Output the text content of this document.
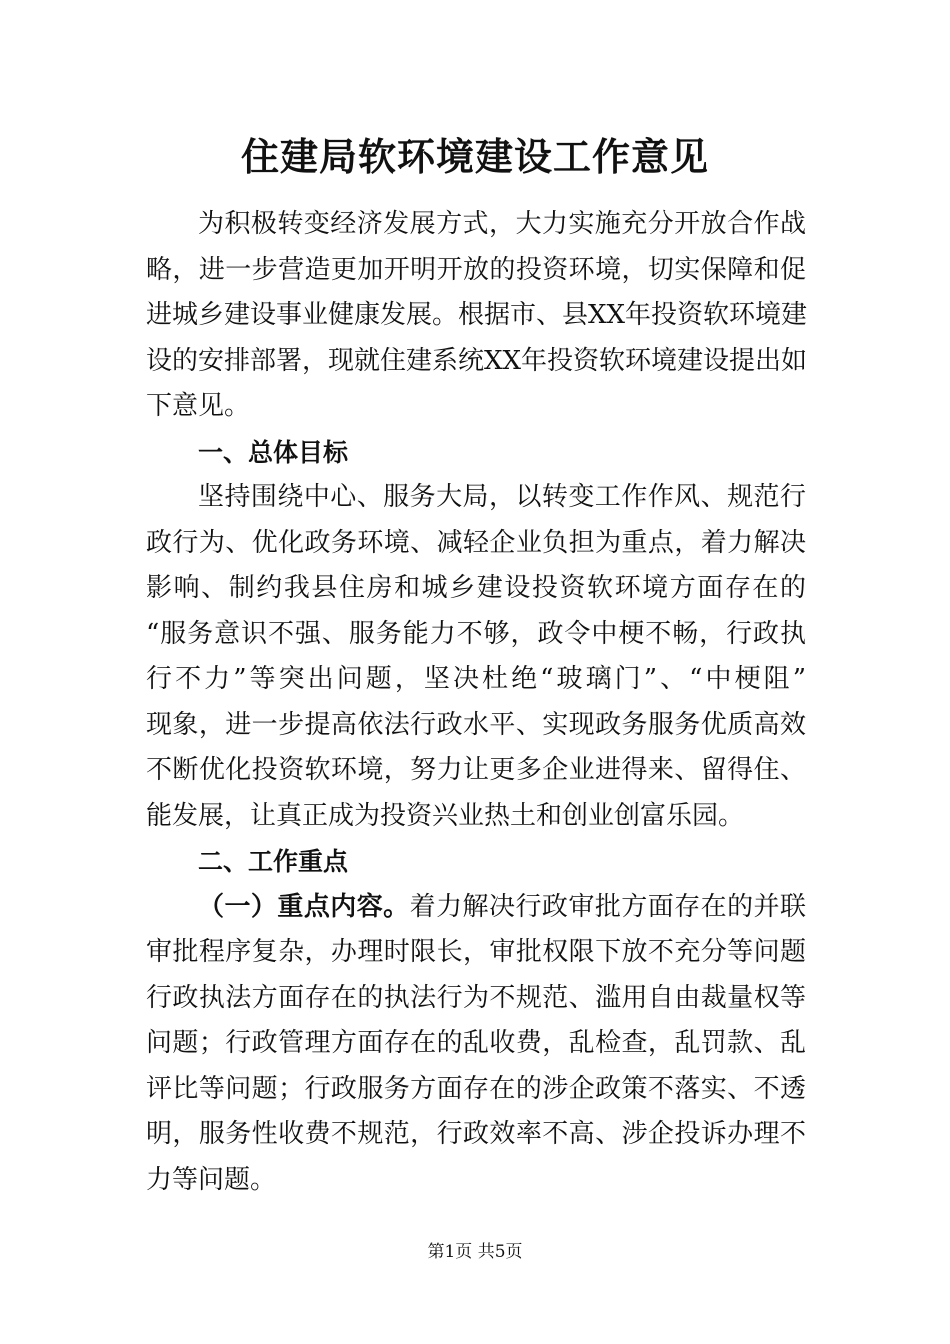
住建局软环境建设工作意见
为积极转变经济发展方式，大力实施充分开放合作战
略，进一步营造更加开明开放的投资环境，切实保障和促
进城乡建设事业健康发展。根据市、县XX年投资软环境建
设的安排部署，现就住建系统XX年投资软环境建设提出如
下意见。
一、总体目标
坚持围绕中心、服务大局，以转变工作作风、规范行
政行为、优化政务环境、减轻企业负担为重点，着力解决
影响、制约我县住房和城乡建设投资软环境方面存在的
“服务意识不强、服务能力不够，政令中梗不畅，行政执
行不力”等突出问题，坚决杜绝“玻璃门”、“中梗阻”
现象，进一步提高依法行政水平、实现政务服务优质高效
不断优化投资软环境，努力让更多企业进得来、留得住、
能发展，让真正成为投资兴业热土和创业创富乐园。
二、工作重点
（一）重点内容。着力解决行政审批方面存在的并联
审批程序复杂，办理时限长，审批权限下放不充分等问题
行政执法方面存在的执法行为不规范、滥用自由裁量权等
问题；行政管理方面存在的乱收费，乱检查，乱罚款、乱
评比等问题；行政服务方面存在的涉企政策不落实、不透
明，服务性收费不规范，行政效率不高、涉企投诉办理不
力等问题。
第1页 共5页
